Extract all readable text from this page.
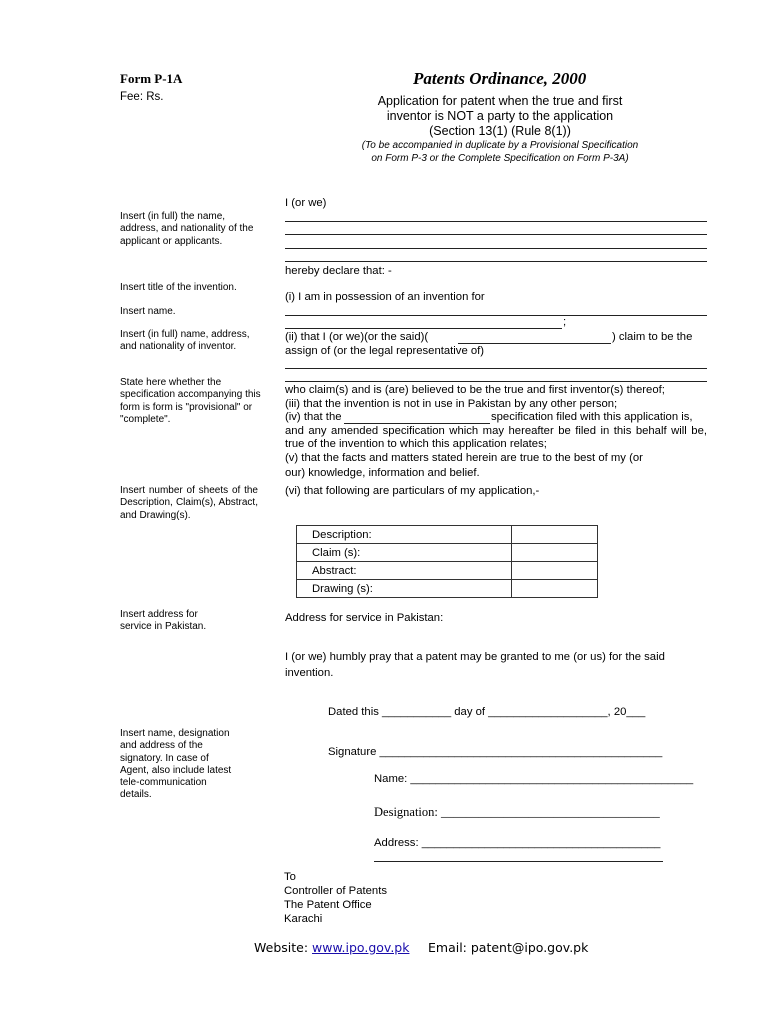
Form P-1A
Fee: Rs.
Patents Ordinance, 2000
Application for patent when the true and first
inventor is NOT a party to the application
(Section 13(1) (Rule 8(1))
(To be accompanied in duplicate by a Provisional Specification
on Form P-3 or the Complete Specification on Form P-3A)
Insert (in full) the name, address, and nationality of the applicant or applicants.
Insert title of the invention.
Insert name.
Insert (in full) name, address, and nationality of inventor.
State here whether the
specification accompanying this
form is form is "provisional" or
"complete".
Insert number of sheets of the Description, Claim(s), Abstract, and Drawing(s).
Insert address for service in Pakistan.
Insert name, designation and address of the signatory. In case of Agent, also include latest tele-communication details.
I (or we)
hereby declare that: -
(i) I am in possession of an invention for
;
(ii) that I (or we)(or the said)(	) claim to be the
assign of (or the legal representative of)
who claim(s) and is (are) believed to be the true and first inventor(s) thereof;
(iii) that the invention is not in use in Pakistan by any other person;
(iv) that the	specification filed with this application is,
and any amended specification which may hereafter be filed in this behalf will be,
true of the invention to which this application relates;
(v) that the facts and matters stated herein are true to the best of my (or
our) knowledge, information and belief.
(vi) that following are particulars of my application,-
Description:	
Claim (s):	
Abstract:	
Drawing (s):	
Address for service in Pakistan:
I (or we) humbly pray that a patent may be granted to me (or us) for the said
invention.
Dated this ___________ day of ___________________, 20___
Signature _____________________________________________
Name: _____________________________________________
Designation: ___________________________________
Address: ______________________________________
To
Controller of Patents
The Patent Office
Karachi
Website: www.ipo.gov.pk Email: patent@ipo.gov.pk
